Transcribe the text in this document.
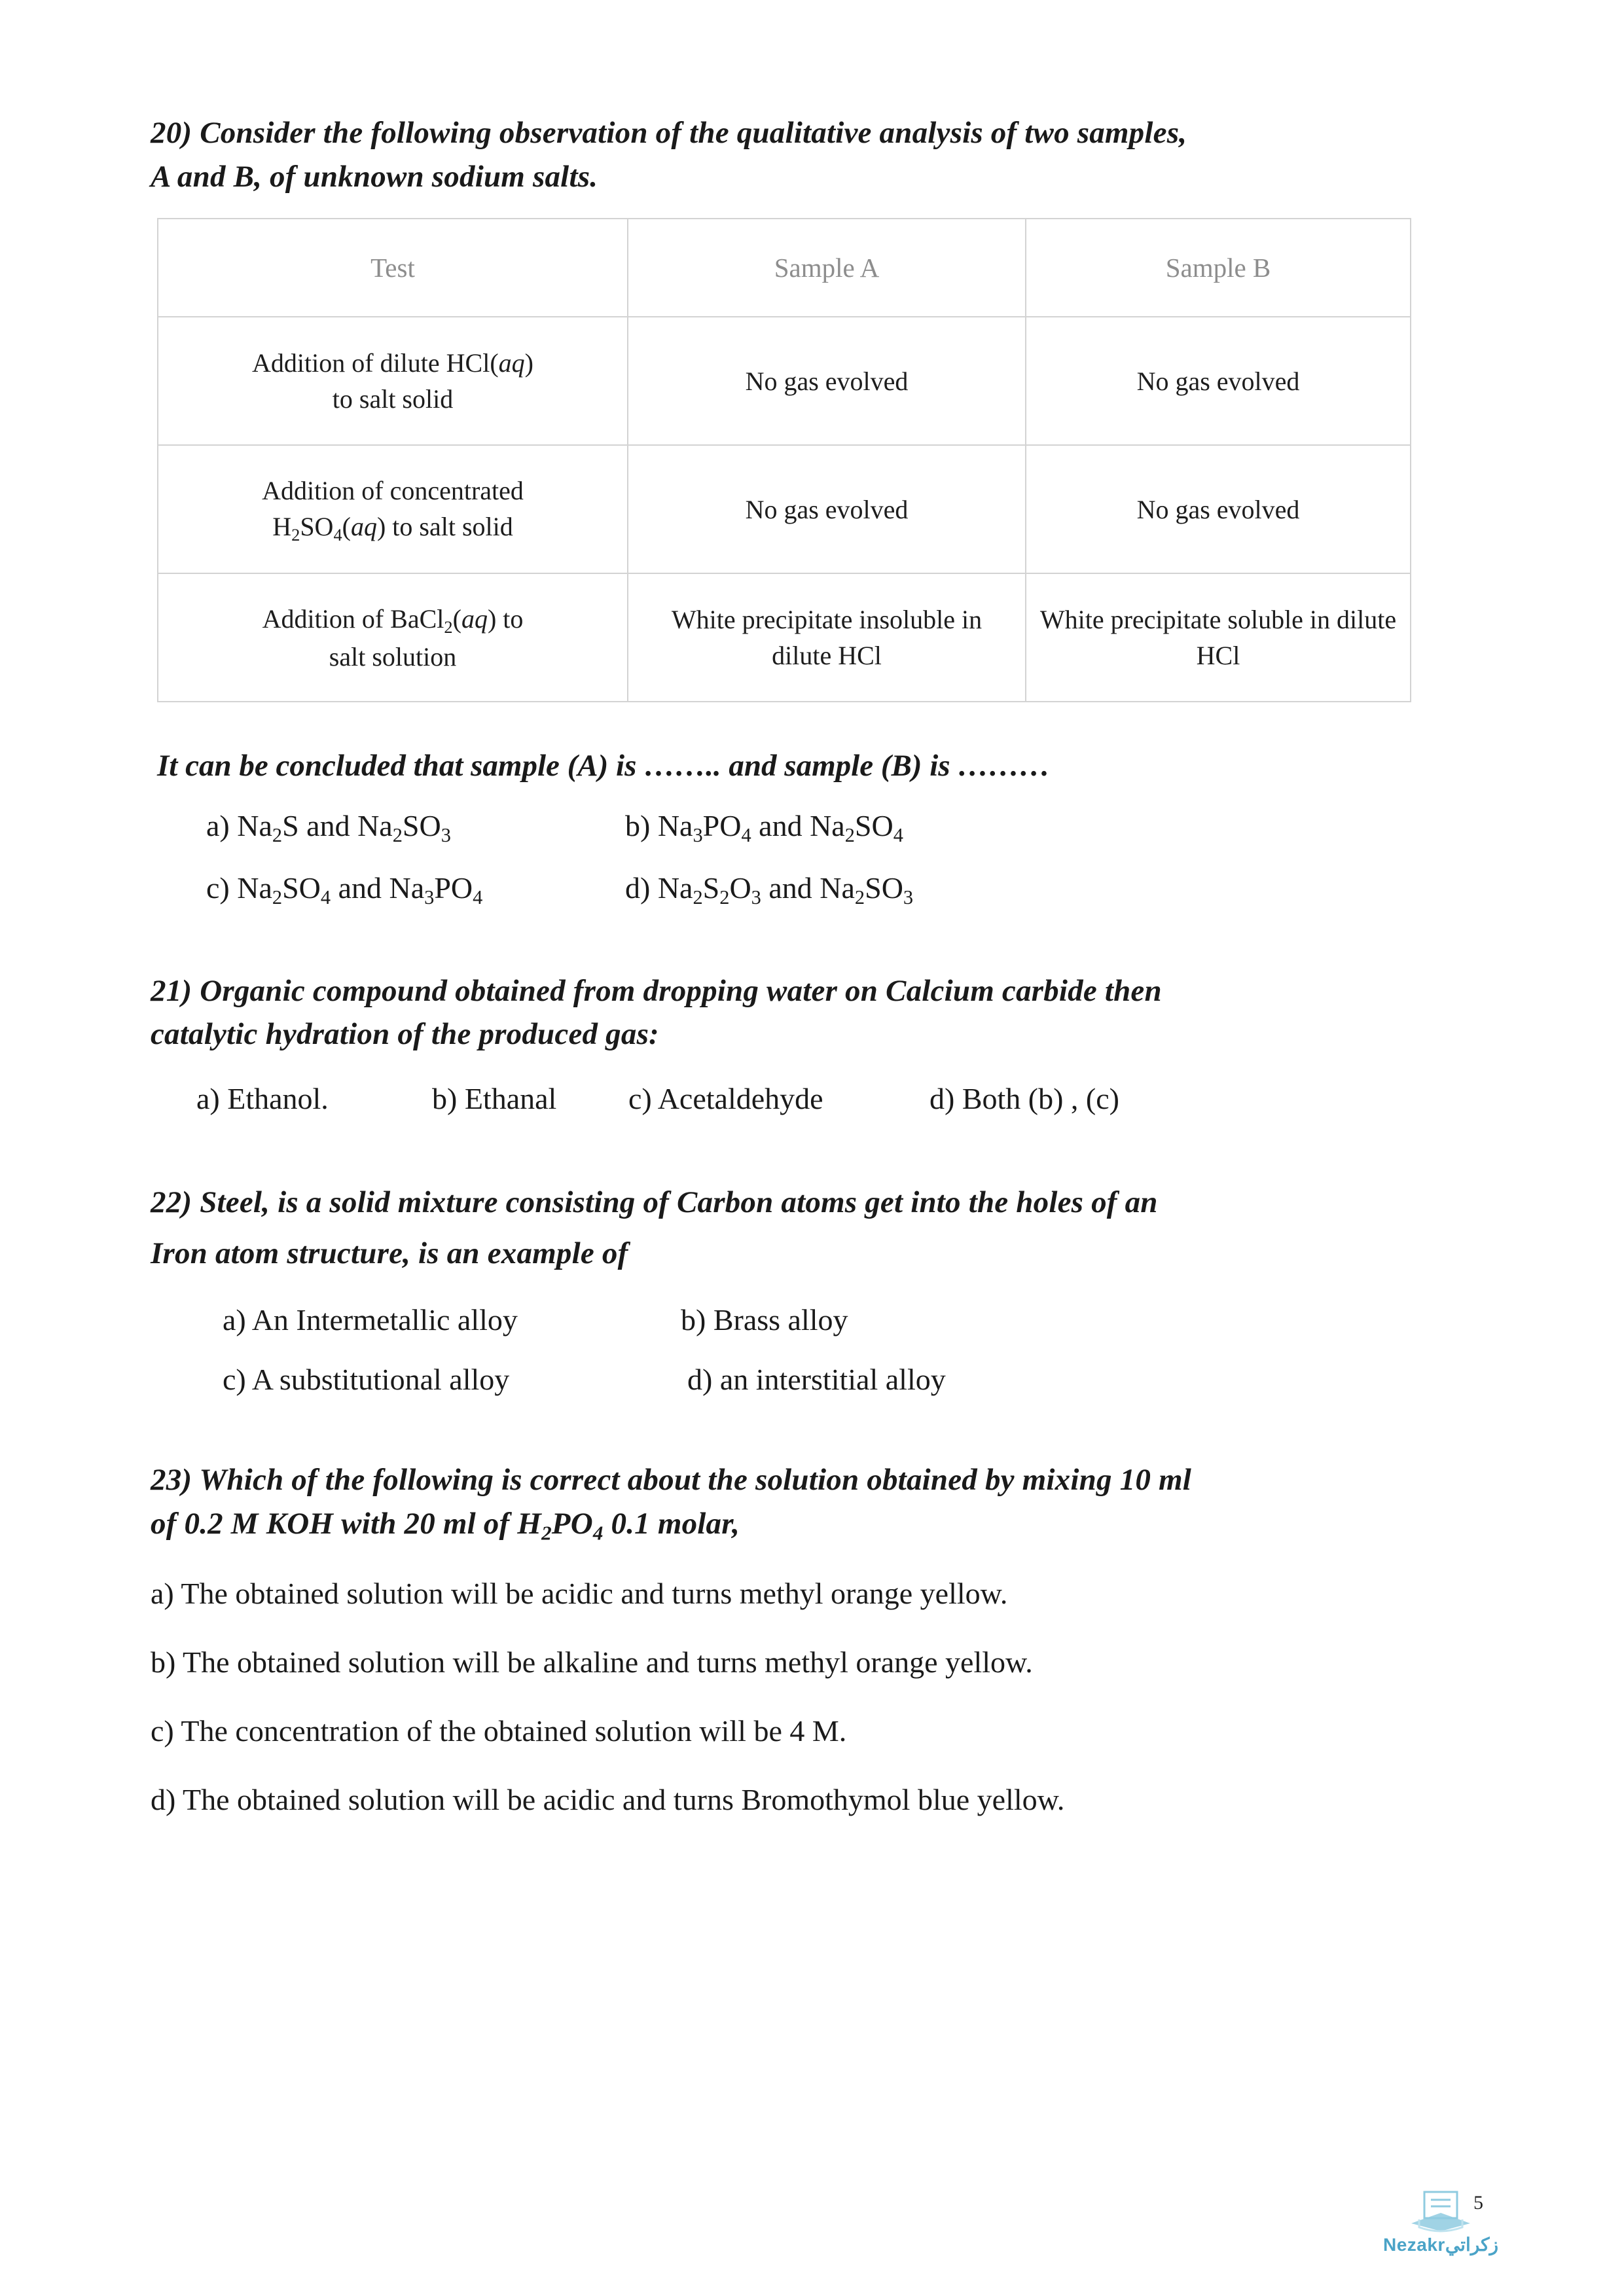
20) Consider the following observation of the qualitative analysis of two samples,
A and B, of unknown sodium salts.
Test	Sample A	Sample B
Addition of dilute HCl(aq)
to salt solid	No gas evolved	No gas evolved
Addition of concentrated
$H_2SO_4(aq)$ to salt solid	No gas evolved	No gas evolved
Addition of BaCl$_2$(aq) to
salt solution	White precipitate insoluble in dilute HCl	White precipitate soluble in dilute HCl
It can be concluded that sample (A) is …….. and sample (B) is ………
a) $Na_2S$ and $Na_2SO_3$	b) $Na_3PO_4$ and $Na_2SO_4$
c) $Na_2SO_4$ and $Na_3PO_4$	d) $Na_2S_2O_3$ and $Na_2SO_3$
21) Organic compound obtained from dropping water on Calcium carbide then
catalytic hydration of the produced gas:
a) Ethanol.	b) Ethanal c) Acetaldehyde	d) Both (b) , (c)
22) Steel, is a solid mixture consisting of Carbon atoms get into the holes of an
Iron atom structure, is an example of
a) An Intermetallic alloy	b) Brass alloy
c) A substitutional alloy	d) an interstitial alloy
23) Which of the following is correct about the solution obtained by mixing 10 ml
of 0.2 M KOH with 20 ml of $H_2PO_4$ 0.1 molar,
a) The obtained solution will be acidic and turns methyl orange yellow.
b) The obtained solution will be alkaline and turns methyl orange yellow.
c) The concentration of the obtained solution will be 4 M.
d) The obtained solution will be acidic and turns Bromothymol blue yellow.
5
Nezakrزكراتي
